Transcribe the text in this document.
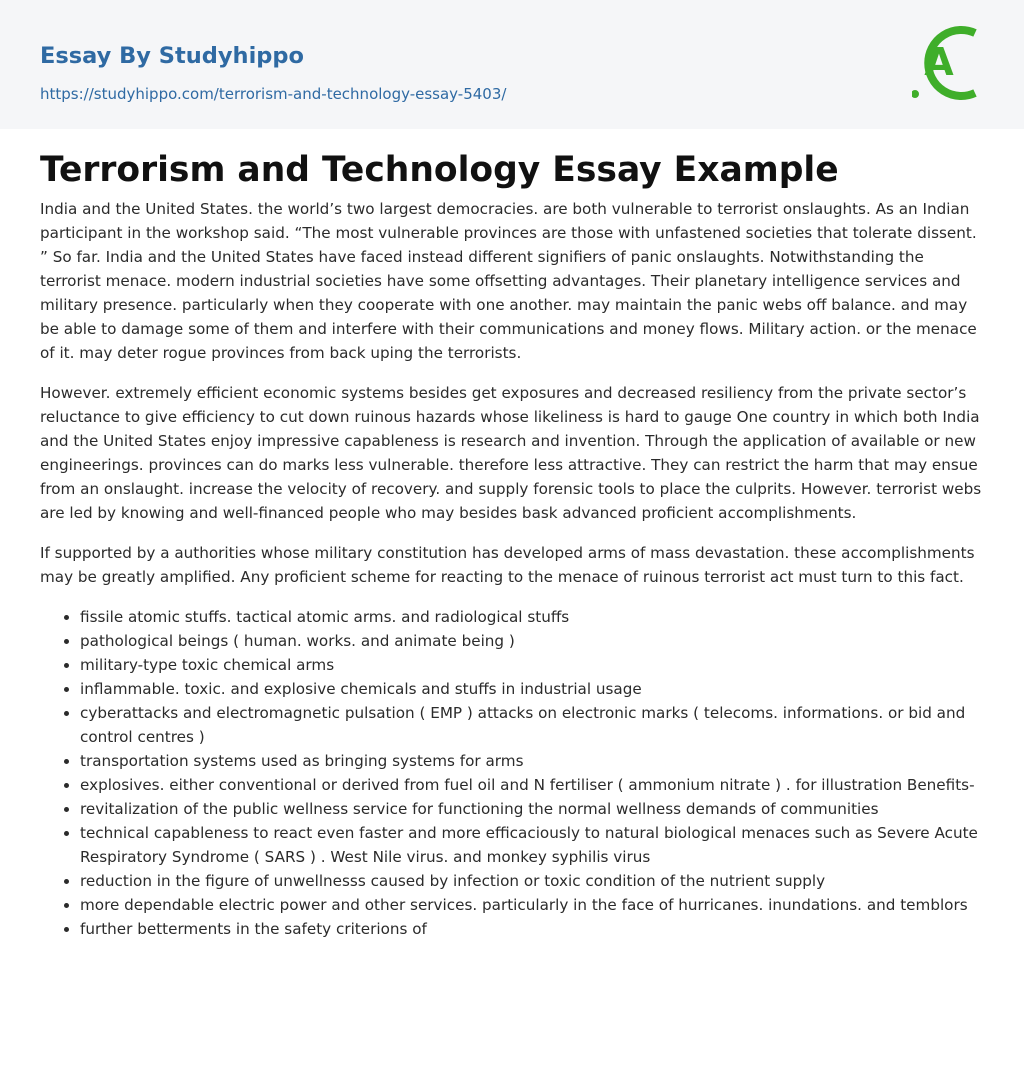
Essay By Studyhippo
https://studyhippo.com/terrorism-and-technology-essay-5403/
A
Terrorism and Technology Essay Example

India and the United States. the world’s two largest democracies. are both vulnerable to terrorist onslaughts. As an Indian participant in the workshop said. “The most vulnerable provinces are those with unfastened societies that tolerate dissent. ” So far. India and the United States have faced instead different signifiers of panic onslaughts. Notwithstanding the terrorist menace. modern industrial societies have some offsetting advantages. Their planetary intelligence services and military presence. particularly when they cooperate with one another. may maintain the panic webs off balance. and may be able to damage some of them and interfere with their communications and money flows. Military action. or the menace of it. may deter rogue provinces from back uping the terrorists.

However. extremely efficient economic systems besides get exposures and decreased resiliency from the private sector’s reluctance to give efficiency to cut down ruinous hazards whose likeliness is hard to gauge One country in which both India and the United States enjoy impressive capableness is research and invention. Through the application of available or new engineerings. provinces can do marks less vulnerable. therefore less attractive. They can restrict the harm that may ensue from an onslaught. increase the velocity of recovery. and supply forensic tools to place the culprits. However. terrorist webs are led by knowing and well-financed people who may besides bask advanced proficient accomplishments.

If supported by a authorities whose military constitution has developed arms of mass devastation. these accomplishments may be greatly amplified. Any proficient scheme for reacting to the menace of ruinous terrorist act must turn to this fact.

• fissile atomic stuffs. tactical atomic arms. and radiological stuffs
• pathological beings ( human. works. and animate being )
• military-type toxic chemical arms
• inflammable. toxic. and explosive chemicals and stuffs in industrial usage
• cyberattacks and electromagnetic pulsation ( EMP ) attacks on electronic marks ( telecoms. informations. or bid and control centres )
• transportation systems used as bringing systems for arms
• explosives. either conventional or derived from fuel oil and N fertiliser ( ammonium nitrate ) . for illustration Benefits-
• revitalization of the public wellness service for functioning the normal wellness demands of communities
• technical capableness to react even faster and more efficaciously to natural biological menaces such as Severe Acute Respiratory Syndrome ( SARS ) . West Nile virus. and monkey syphilis virus
• reduction in the figure of unwellnesss caused by infection or toxic condition of the nutrient supply
• more dependable electric power and other services. particularly in the face of hurricanes. inundations. and temblors
• further betterments in the safety criterions of
